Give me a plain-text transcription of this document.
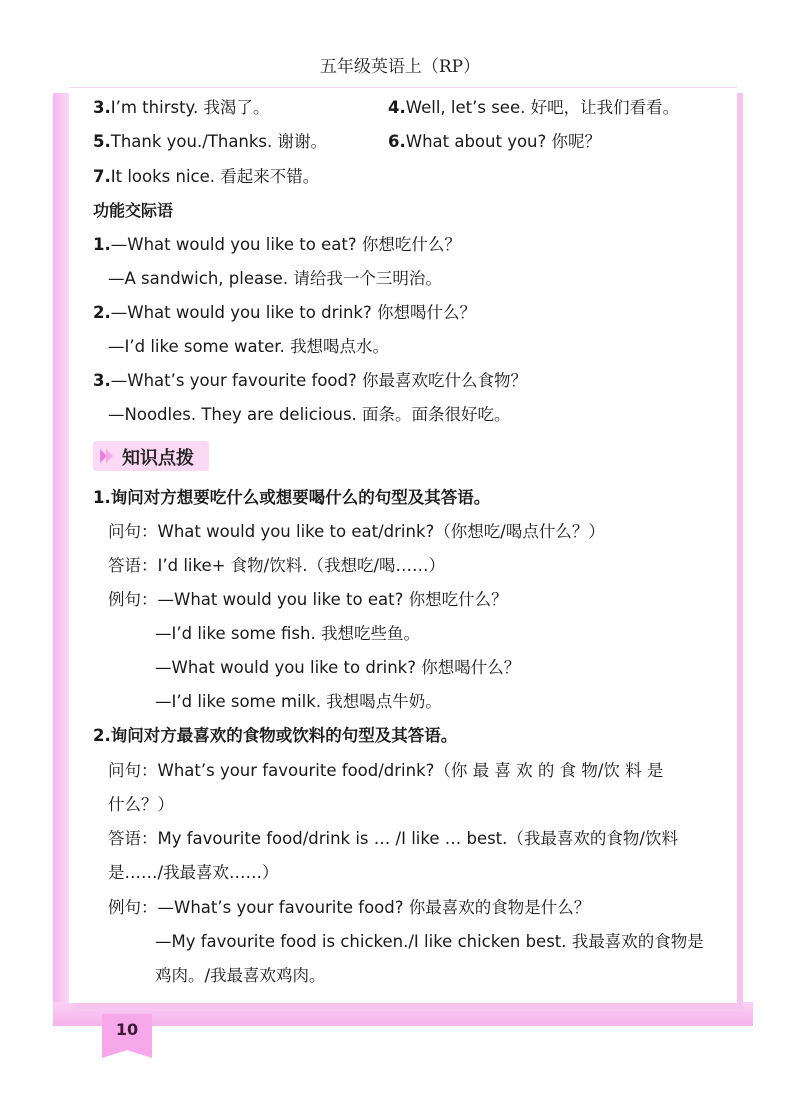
五年级英语上（RP）
3.I’m thirsty. 我渴了。	4.Well, let’s see. 好吧，让我们看看。
5.Thank you./Thanks. 谢谢。	6.What about you? 你呢？
7.It looks nice. 看起来不错。
功能交际语
1.—What would you like to eat? 你想吃什么？
—A sandwich, please. 请给我一个三明治。
2.—What would you like to drink? 你想喝什么？
—I’d like some water. 我想喝点水。
3.—What’s your favourite food? 你最喜欢吃什么食物？
—Noodles. They are delicious. 面条。面条很好吃。
知识点拨
1.询问对方想要吃什么或想要喝什么的句型及其答语。
问句：What would you like to eat/drink?（你想吃/喝点什么？）
答语：I’d like+ 食物/饮料.（我想吃/喝……）
例句：—What would you like to eat? 你想吃什么？
—I’d like some fish. 我想吃些鱼。
—What would you like to drink? 你想喝什么？
—I’d like some milk. 我想喝点牛奶。
2.询问对方最喜欢的食物或饮料的句型及其答语。
问句：What’s your favourite food/drink?（你 最 喜 欢 的 食 物/饮 料 是
什么？）
答语：My favourite food/drink is … /I like … best.（我最喜欢的食物/饮料
是……/我最喜欢……）
例句：—What’s your favourite food? 你最喜欢的食物是什么？
—My favourite food is chicken./I like chicken best. 我最喜欢的食物是
鸡肉。/我最喜欢鸡肉。
10
